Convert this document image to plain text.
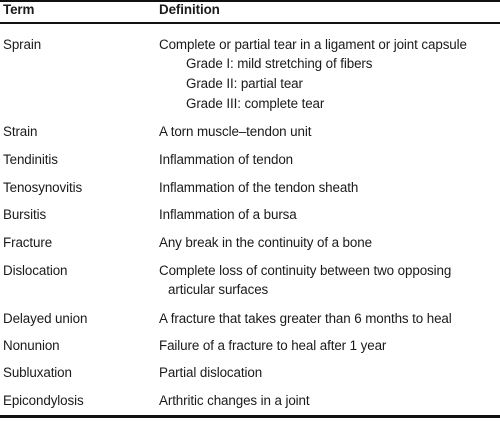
Term	Definition
Sprain	Complete or partial tear in a ligament or joint capsule
Grade I: mild stretching of fibers
Grade II: partial tear
Grade III: complete tear
Strain	A torn muscle–tendon unit
Tendinitis	Inflammation of tendon
Tenosynovitis	Inflammation of the tendon sheath
Bursitis	Inflammation of a bursa
Fracture	Any break in the continuity of a bone
Dislocation	Complete loss of continuity between two opposing
articular surfaces
Delayed union	A fracture that takes greater than 6 months to heal
Nonunion	Failure of a fracture to heal after 1 year
Subluxation	Partial dislocation
Epicondylosis	Arthritic changes in a joint
